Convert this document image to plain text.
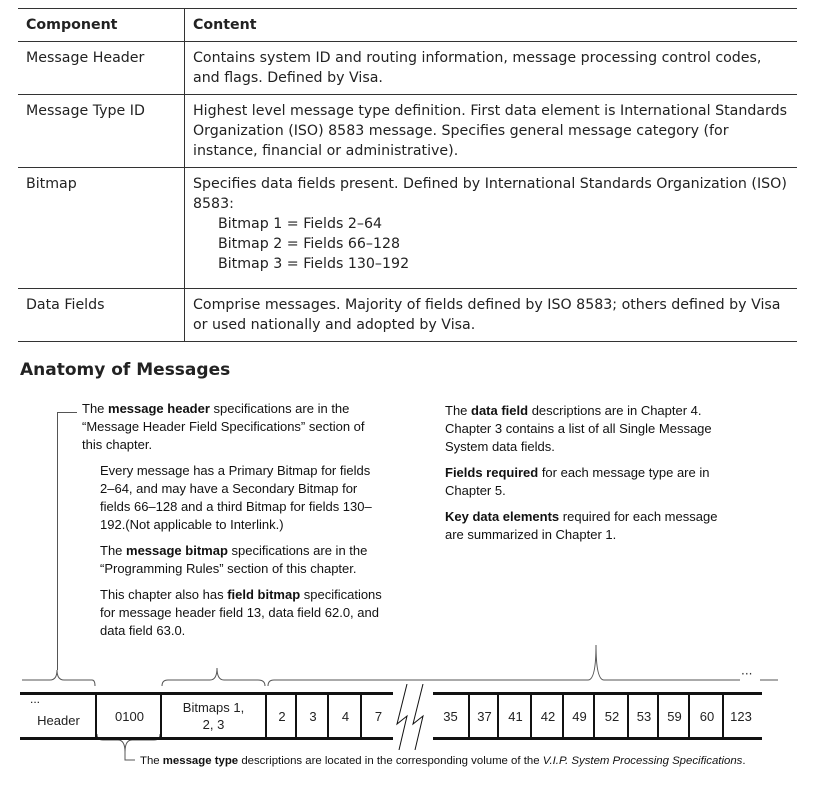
Component	Content
Message Header	Contains system ID and routing information, message processing control codes, and flags. Defined by Visa.
Message Type ID	Highest level message type definition. First data element is International Standards Organization (ISO) 8583 message. Specifies general message category (for instance, financial or administrative).
Bitmap	Specifies data fields present. Defined by International Standards Organization (ISO) 8583:
Bitmap 1 = Fields 2–64
Bitmap 2 = Fields 66–128
Bitmap 3 = Fields 130–192

Data Fields	Comprise messages. Majority of fields defined by ISO 8583; others defined by Visa or used nationally and adopted by Visa.
Anatomy of Messages

The message header specifications are in the “Message Header Field Specifications” section of this chapter.

Every message has a Primary Bitmap for fields 2–64, and may have a Secondary Bitmap for fields 66–128 and a third Bitmap for fields 130–192.(Not applicable to Interlink.)

The message bitmap specifications are in the “Programming Rules” section of this chapter.

This chapter also has field bitmap specifications for message header field 13, data field 62.0, and data field 63.0.

The data field descriptions are in Chapter 4. Chapter 3 contains a list of all Single Message System data fields.

Fields required for each message type are in Chapter 5.

Key data elements required for each message are summarized in Chapter 1.

···
...
Header	0100
Bitmaps 1, 2, 3
2	3	4	7	35	37	41	42	49	52	53	59	60	123
The message type descriptions are located in the corresponding volume of the V.I.P. System Processing Specifications.
